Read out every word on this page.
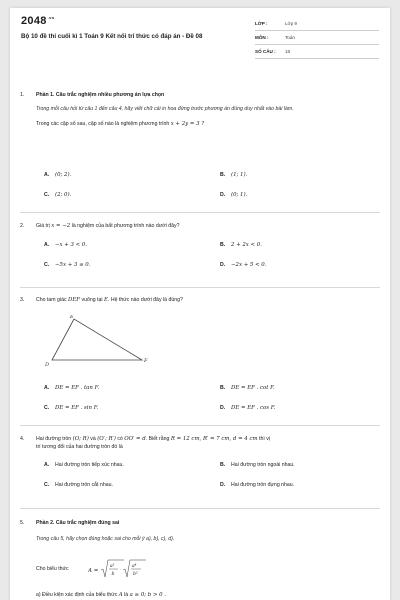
$2048^{.vn}$
Bộ 10 đề thi cuối kì 1 Toán 9 Kết nối tri thức có đáp án - Đề 08
LỚP :	Lớp 9
MÔN :	Toán
SỐ CÂU : 18
1.	Phần 1. Câu trắc nghiệm nhiều phương án lựa chọn
Trong mỗi câu hỏi từ câu 1 đến câu 4, hãy viết chữ cái in hoa đứng trước phương án đúng duy nhất vào bài làm.
Trong các cặp số sau, cặp số nào là nghiệm phương trình x + 2y = 3 ?
A. (0; 2).	B. (1; 1).
C. (2; 0).	D. (0; 1).
2.	Giá trị x = −2 là nghiệm của bất phương trình nào dưới đây?
A. −x + 3 < 0.	B. 2 + 2x < 0.
C. −5x + 3 ≤ 0.	D. −2x + 5 < 0.
3.	Cho tam giác DEF vuông tại E. Hệ thức nào dưới đây là đúng?
E
D
F
A. DE = EF . tan F.	B. DE = EF . cot F.
C. DE = EF . sin F.	D. DE = EF . cos F.
4.	Hai đường tròn (O; R) và (O′; R′) có OO′ = d. Biết rằng R = 12 cm, R′ = 7 cm, d = 4 cm thì vị
trí tương đối của hai đường tròn đó là
A. Hai đường tròn tiếp xúc nhau.	B. Hai đường tròn ngoài nhau.
C. Hai đường tròn cắt nhau.	D. Hai đường tròn đựng nhau.
5.	Phần 2. Câu trắc nghiệm đúng sai
Trong câu 5, hãy chọn đúng hoặc sai cho mỗi ý a), b), c), d).
Cho biểu thức	A =
a²
b
·
a⁴
b²
a) Điều kiện xác định của biểu thức A là a ≥ 0; b > 0 .
